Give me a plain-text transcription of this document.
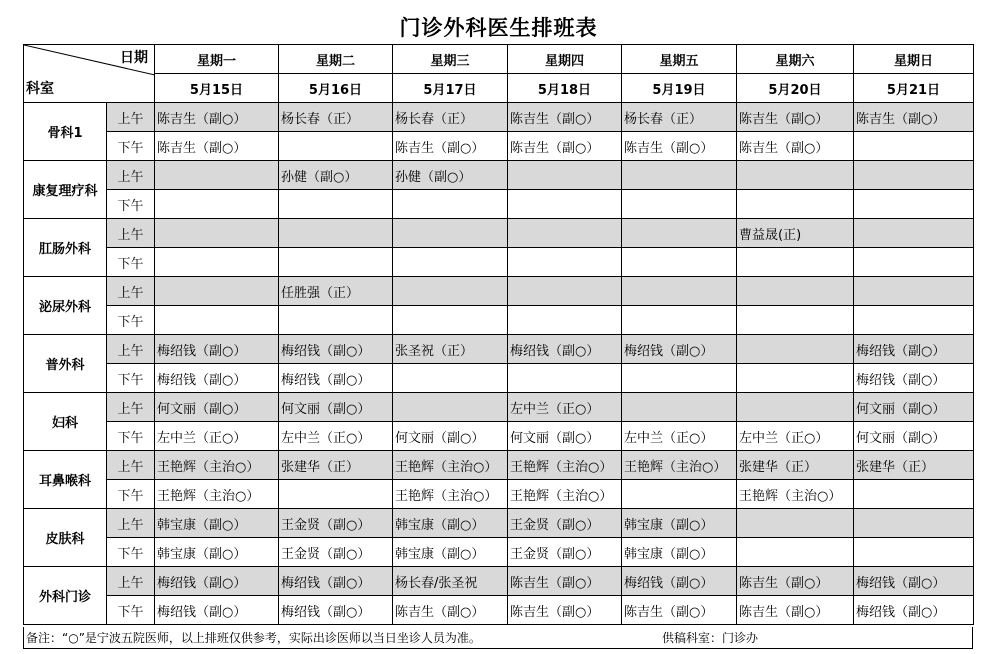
门诊外科医生排班表
日期
科室		星期一	星期二	星期三	星期四	星期五	星期六	星期日
		5月15日	5月16日	5月17日	5月18日	5月19日	5月20日	5月21日
骨科1	上午	陈吉生（副○）	杨长春（正）	杨长春（正）	陈吉生（副○）	杨长春（正）	陈吉生（副○）	陈吉生（副○）
	下午	陈吉生（副○）		陈吉生（副○）	陈吉生（副○）	陈吉生（副○）	陈吉生（副○）	
康复理疗科	上午		孙健（副○）	孙健（副○）				
	下午							
肛肠外科	上午						曹益晟(正)	
	下午							
泌尿外科	上午		任胜强（正）					
	下午							
普外科	上午	梅绍钱（副○）	梅绍钱（副○）	张圣祝（正）	梅绍钱（副○）	梅绍钱（副○）		梅绍钱（副○）
	下午	梅绍钱（副○）	梅绍钱（副○）					梅绍钱（副○）
妇科	上午	何文丽（副○）	何文丽（副○）		左中兰（正○）			何文丽（副○）
	下午	左中兰（正○）	左中兰（正○）	何文丽（副○）	何文丽（副○）	左中兰（正○）	左中兰（正○）	何文丽（副○）
耳鼻喉科	上午	王艳辉（主治○）	张建华（正）	王艳辉（主治○）	王艳辉（主治○）	王艳辉（主治○）	张建华（正）	张建华（正）
	下午	王艳辉（主治○）		王艳辉（主治○）	王艳辉（主治○）		王艳辉（主治○）	
皮肤科	上午	韩宝康（副○）	王金贤（副○）	韩宝康（副○）	王金贤（副○）	韩宝康（副○）		
	下午	韩宝康（副○）	王金贤（副○）	韩宝康（副○）	王金贤（副○）	韩宝康（副○）		
外科门诊	上午	梅绍钱（副○）	梅绍钱（副○）	杨长春/张圣祝	陈吉生（副○）	梅绍钱（副○）	陈吉生（副○）	梅绍钱（副○）
	下午	梅绍钱（副○）	梅绍钱（副○）	陈吉生（副○）	陈吉生（副○）	陈吉生（副○）	陈吉生（副○）	梅绍钱（副○）
备注：“○”是宁波五院医师，以上排班仅供参考，实际出诊医师以当日坐诊人员为准。	供稿科室：门诊办
